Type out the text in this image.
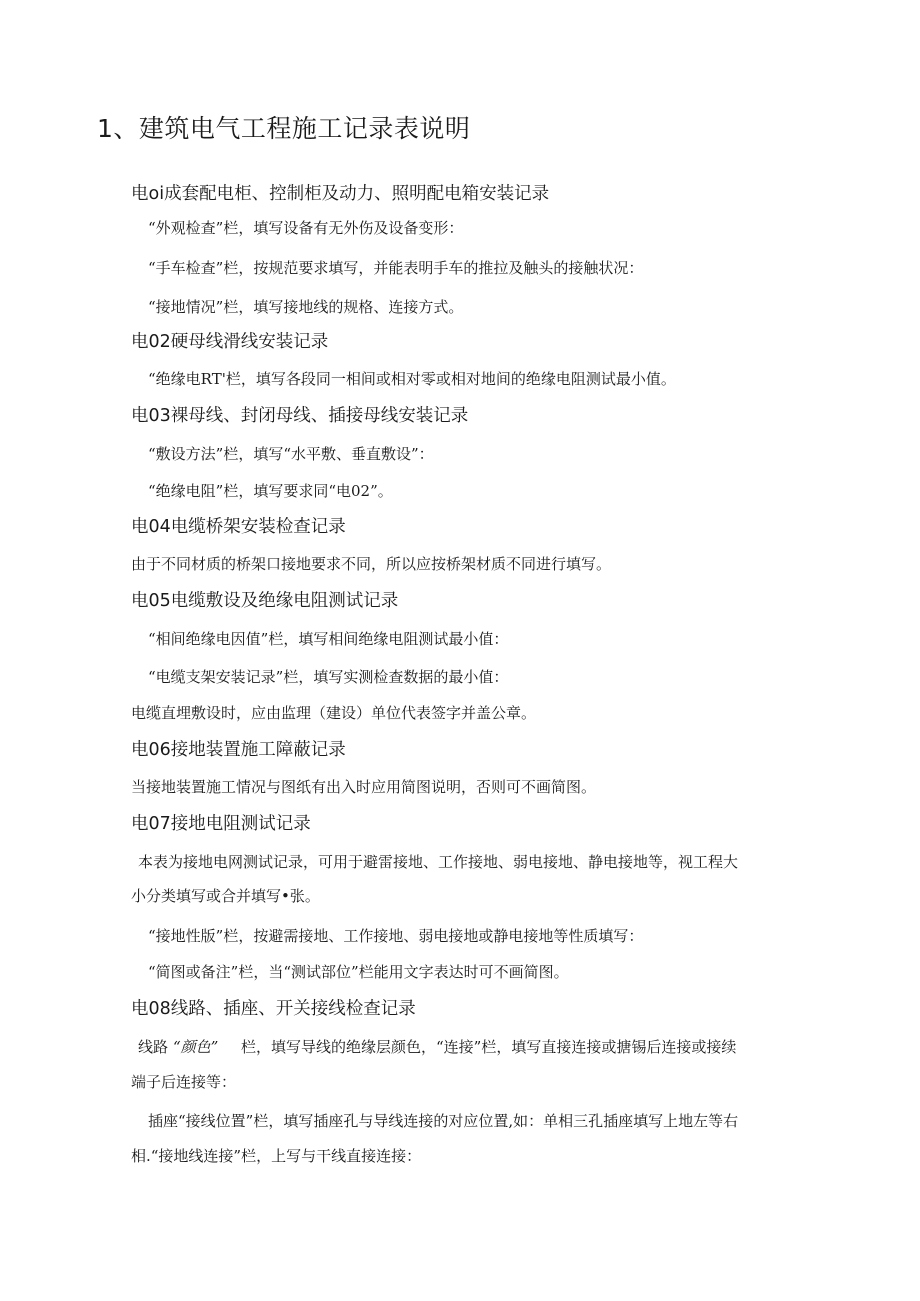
1、建筑电气工程施工记录表说明
电oi成套配电柜、控制柜及动力、照明配电箱安装记录
“外观检查”栏，填写设备有无外伤及设备变形：
“手车检查”栏，按规范要求填写，并能表明手车的推拉及触头的接触状况：
“接地情况”栏，填写接地线的规格、连接方式。
电02硬母线滑线安装记录
“绝缘电RT'栏，填写各段同一相间或相对零或相对地间的绝缘电阻测试最小值。
电03裸母线、封闭母线、插接母线安装记录
“敷设方法”栏，填写“水平敷、垂直敷设”：
“绝缘电阻”栏，填写要求同“电02”。
电04电缆桥架安装检查记录
由于不同材质的桥架口接地要求不同，所以应按桥架材质不同进行填写。
电05电缆敷设及绝缘电阻测试记录
“相间绝缘电因值”栏，填写相间绝缘电阻测试最小值：
“电缆支架安装记录”栏，填写实测检查数据的最小值：
电缆直埋敷设时，应由监理（建设）单位代表签字并盖公章。
电06接地装置施工障蔽记录
当接地装置施工情况与图纸有出入时应用简图说明，否则可不画简图。
电07接地电阻测试记录
本表为接地电网测试记录，可用于避雷接地、工作接地、弱电接地、静电接地等，视工程大
小分类填写或合并填写•张。
“接地性版”栏，按避需接地、工作接地、弱电接地或静电接地等性质填写：
“简图或备注”栏，当“测试部位”栏能用文字表达时可不画简图。
电08线路、插座、开关接线检查记录
线路 “颜色” 栏，填写导线的绝缘层颜色，“连接”栏，填写直接连接或搪锡后连接或接续
端子后连接等：
插座“接线位置”栏，填写插座孔与导线连接的对应位置,如：单相三孔插座填写上地左等右
相.“接地线连接”栏，上写与干线直接连接：
